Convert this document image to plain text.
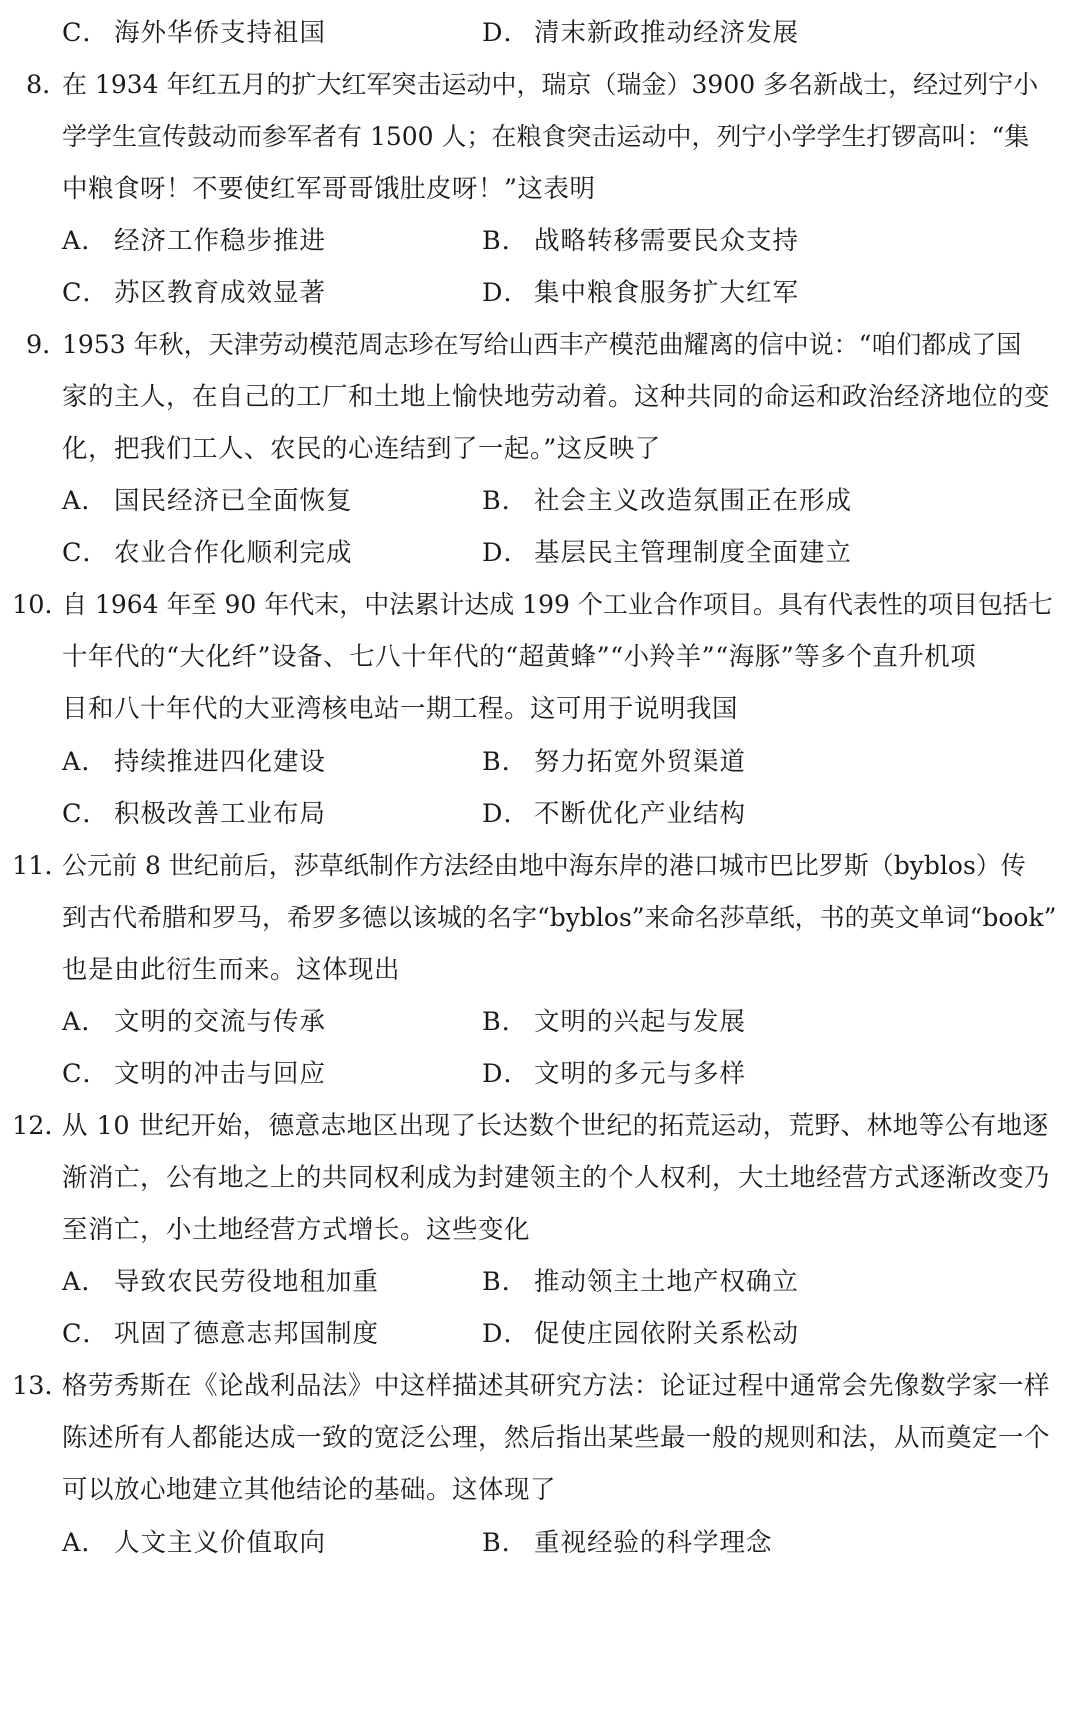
C． 海外华侨支持祖国	D． 清末新政推动经济发展
8．
在 1934 年红五月的扩大红军突击运动中，瑞京（瑞金）3900 多名新战士，经过列宁小
学学生宣传鼓动而参军者有 1500 人；在粮食突击运动中，列宁小学学生打锣高叫：“集
中粮食呀！不要使红军哥哥饿肚皮呀！”这表明
A． 经济工作稳步推进	B． 战略转移需要民众支持
C． 苏区教育成效显著	D． 集中粮食服务扩大红军
9．
1953 年秋，天津劳动模范周志珍在写给山西丰产模范曲耀离的信中说：“咱们都成了国
家的主人，在自己的工厂和土地上愉快地劳动着。这种共同的命运和政治经济地位的变
化，把我们工人、农民的心连结到了一起。”这反映了
A． 国民经济已全面恢复	B． 社会主义改造氛围正在形成
C． 农业合作化顺利完成	D． 基层民主管理制度全面建立
10．
自 1964 年至 90 年代末，中法累计达成 199 个工业合作项目。具有代表性的项目包括七
十年代的“大化纤”设备、七八十年代的“超黄蜂”“小羚羊”“海豚”等多个直升机项
目和八十年代的大亚湾核电站一期工程。这可用于说明我国
A． 持续推进四化建设	B． 努力拓宽外贸渠道
C． 积极改善工业布局	D． 不断优化产业结构
11．
公元前 8 世纪前后，莎草纸制作方法经由地中海东岸的港口城市巴比罗斯（byblos）传
到古代希腊和罗马，希罗多德以该城的名字“byblos”来命名莎草纸，书的英文单词“book”
也是由此衍生而来。这体现出
A． 文明的交流与传承	B． 文明的兴起与发展
C． 文明的冲击与回应	D． 文明的多元与多样
12．
从 10 世纪开始，德意志地区出现了长达数个世纪的拓荒运动，荒野、林地等公有地逐
渐消亡，公有地之上的共同权利成为封建领主的个人权利，大土地经营方式逐渐改变乃
至消亡，小土地经营方式增长。这些变化
A． 导致农民劳役地租加重	B． 推动领主土地产权确立
C． 巩固了德意志邦国制度	D． 促使庄园依附关系松动
13．
格劳秀斯在《论战利品法》中这样描述其研究方法：论证过程中通常会先像数学家一样
陈述所有人都能达成一致的宽泛公理，然后指出某些最一般的规则和法，从而奠定一个
可以放心地建立其他结论的基础。这体现了
A． 人文主义价值取向	B． 重视经验的科学理念
